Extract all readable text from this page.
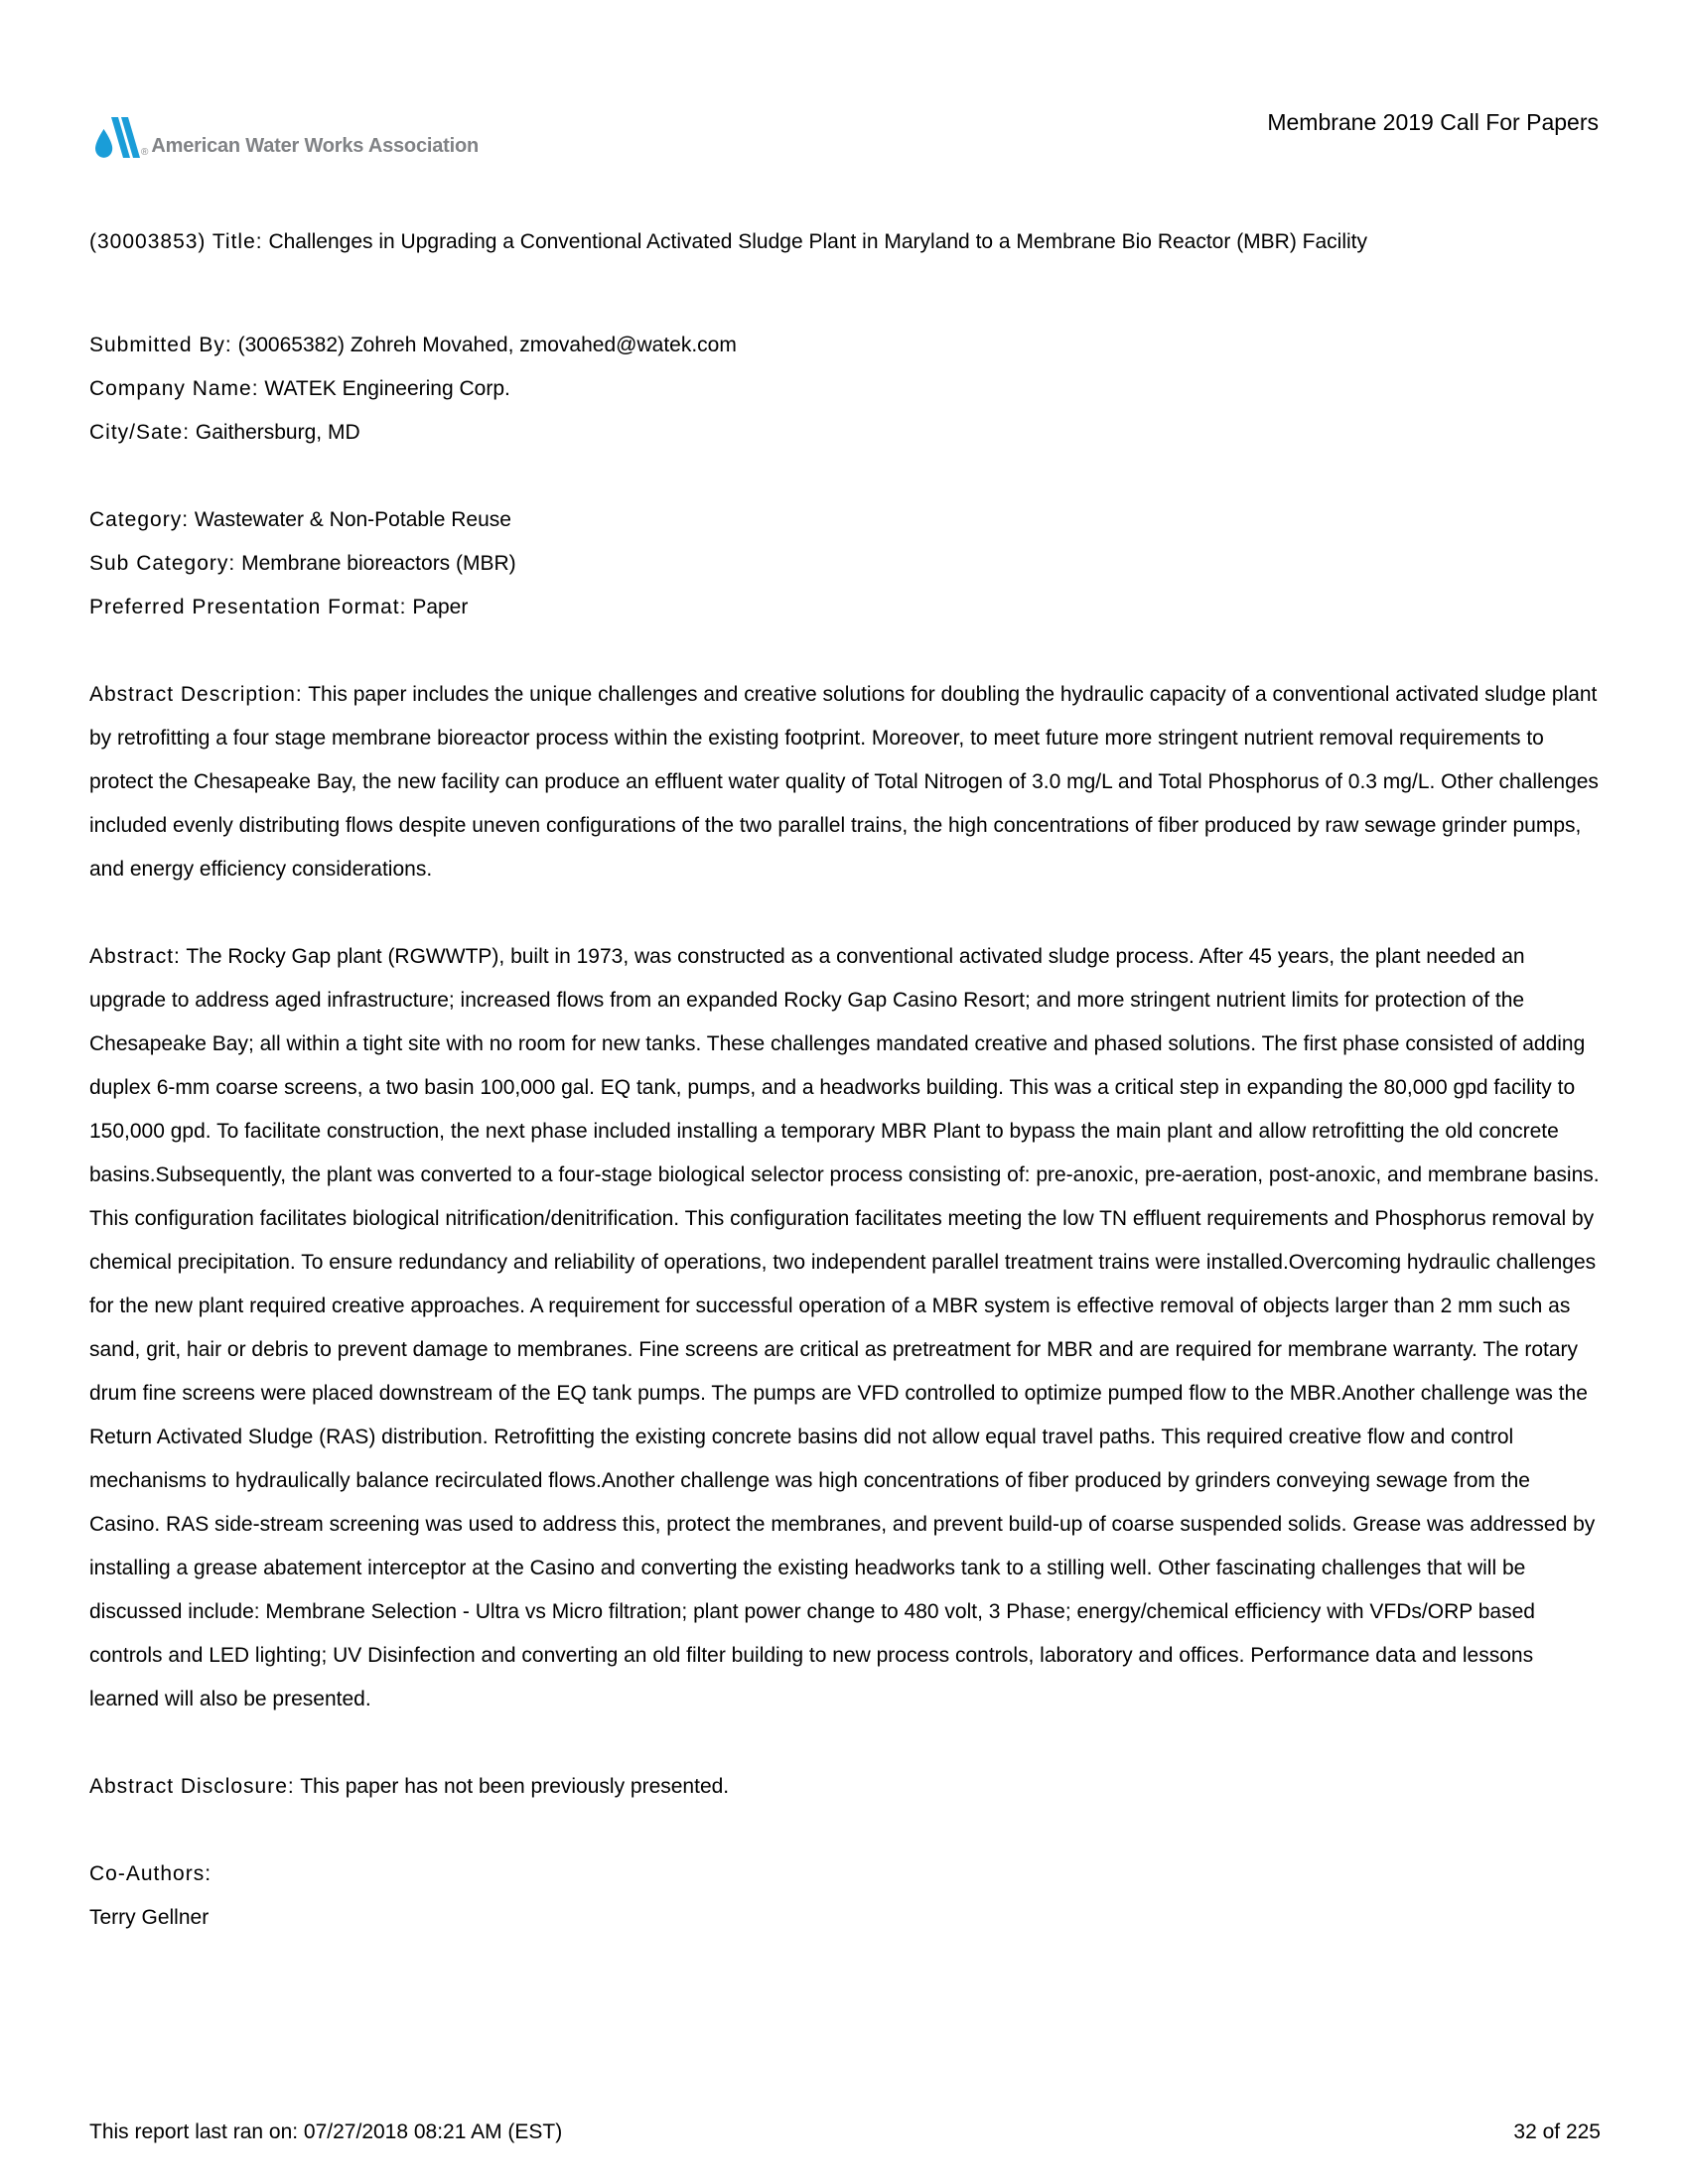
® American Water Works Association
Membrane 2019 Call For Papers

(30003853) Title: Challenges in Upgrading a Conventional Activated Sludge Plant in Maryland to a Membrane Bio Reactor (MBR) Facility

Submitted By: (30065382) Zohreh Movahed, zmovahed@watek.com

Company Name: WATEK Engineering Corp.

City/Sate: Gaithersburg, MD

Category: Wastewater & Non-Potable Reuse

Sub Category: Membrane bioreactors (MBR)

Preferred Presentation Format: Paper

Abstract Description: This paper includes the unique challenges and creative solutions for doubling the hydraulic capacity of a conventional activated sludge plant by retrofitting a four stage membrane bioreactor process within the existing footprint. Moreover, to meet future more stringent nutrient removal requirements to protect the Chesapeake Bay, the new facility can produce an effluent water quality of Total Nitrogen of 3.0 mg/L and Total Phosphorus of 0.3 mg/L. Other challenges included evenly distributing flows despite uneven configurations of the two parallel trains, the high concentrations of fiber produced by raw sewage grinder pumps, and energy efficiency considerations.

Abstract: The Rocky Gap plant (RGWWTP), built in 1973, was constructed as a conventional activated sludge process. After 45 years, the plant needed an upgrade to address aged infrastructure; increased flows from an expanded Rocky Gap Casino Resort; and more stringent nutrient limits for protection of the Chesapeake Bay; all within a tight site with no room for new tanks. These challenges mandated creative and phased solutions. The first phase consisted of adding duplex 6-mm coarse screens, a two basin 100,000 gal. EQ tank, pumps, and a headworks building. This was a critical step in expanding the 80,000 gpd facility to 150,000 gpd. To facilitate construction, the next phase included installing a temporary MBR Plant to bypass the main plant and allow retrofitting the old concrete basins.Subsequently, the plant was converted to a four-stage biological selector process consisting of: pre-anoxic, pre-aeration, post-anoxic, and membrane basins. This configuration facilitates biological nitrification/denitrification. This configuration facilitates meeting the low TN effluent requirements and Phosphorus removal by chemical precipitation. To ensure redundancy and reliability of operations, two independent parallel treatment trains were installed.Overcoming hydraulic challenges for the new plant required creative approaches. A requirement for successful operation of a MBR system is effective removal of objects larger than 2 mm such as sand, grit, hair or debris to prevent damage to membranes. Fine screens are critical as pretreatment for MBR and are required for membrane warranty. The rotary drum fine screens were placed downstream of the EQ tank pumps. The pumps are VFD controlled to optimize pumped flow to the MBR.Another challenge was the Return Activated Sludge (RAS) distribution. Retrofitting the existing concrete basins did not allow equal travel paths. This required creative flow and control mechanisms to hydraulically balance recirculated flows.Another challenge was high concentrations of fiber produced by grinders conveying sewage from the Casino. RAS side-stream screening was used to address this, protect the membranes, and prevent build-up of coarse suspended solids. Grease was addressed by installing a grease abatement interceptor at the Casino and converting the existing headworks tank to a stilling well. Other fascinating challenges that will be discussed include: Membrane Selection - Ultra vs Micro filtration; plant power change to 480 volt, 3 Phase; energy/chemical efficiency with VFDs/ORP based controls and LED lighting; UV Disinfection and converting an old filter building to new process controls, laboratory and offices. Performance data and lessons learned will also be presented.

Abstract Disclosure: This paper has not been previously presented.

Co-Authors:

Terry Gellner

This report last ran on: 07/27/2018 08:21 AM (EST)	32 of 225
